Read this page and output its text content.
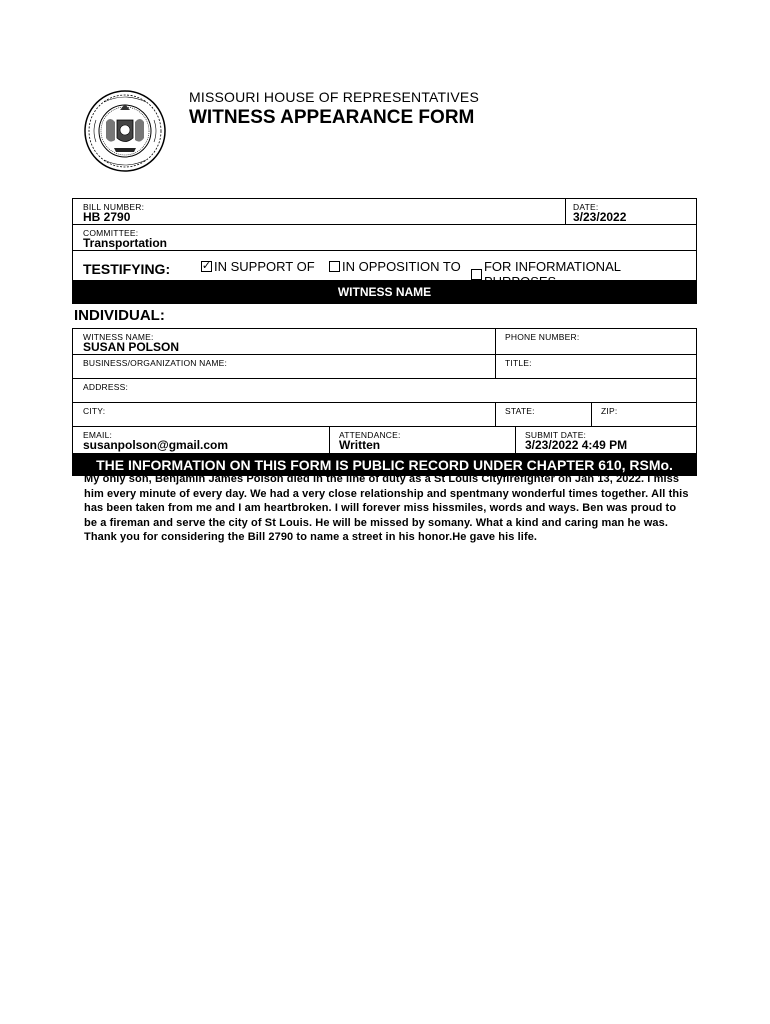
MISSOURI HOUSE OF REPRESENTATIVES
WITNESS APPEARANCE FORM
BILL NUMBER:
HB 2790
DATE:
3/23/2022
COMMITTEE:
Transportation
TESTIFYING:	✓ IN SUPPORT OF IN OPPOSITION TO FOR INFORMATIONAL PURPOSES
WITNESS NAME
INDIVIDUAL:
WITNESS NAME:
SUSAN POLSON
PHONE NUMBER:
BUSINESS/ORGANIZATION NAME:	TITLE:
ADDRESS:
CITY:	STATE:	ZIP:
EMAIL:
susanpolson@gmail.com
ATTENDANCE:
Written
SUBMIT DATE:
3/23/2022 4:49 PM
THE INFORMATION ON THIS FORM IS PUBLIC RECORD UNDER CHAPTER 610, RSMo.
My only son, Benjamin James Polson died in the line of duty as a St Louis Cityfirefighter on Jan 13, 2022. I miss him every minute of every day. We had a very close relationship and spentmany wonderful times together. All this has been taken from me and I am heartbroken. I will forever miss hissmiles, words and ways. Ben was proud to be a fireman and serve the city of St Louis. He will be missed by somany. What a kind and caring man he was. Thank you for considering the Bill 2790 to name a street in his honor.He gave his life.
